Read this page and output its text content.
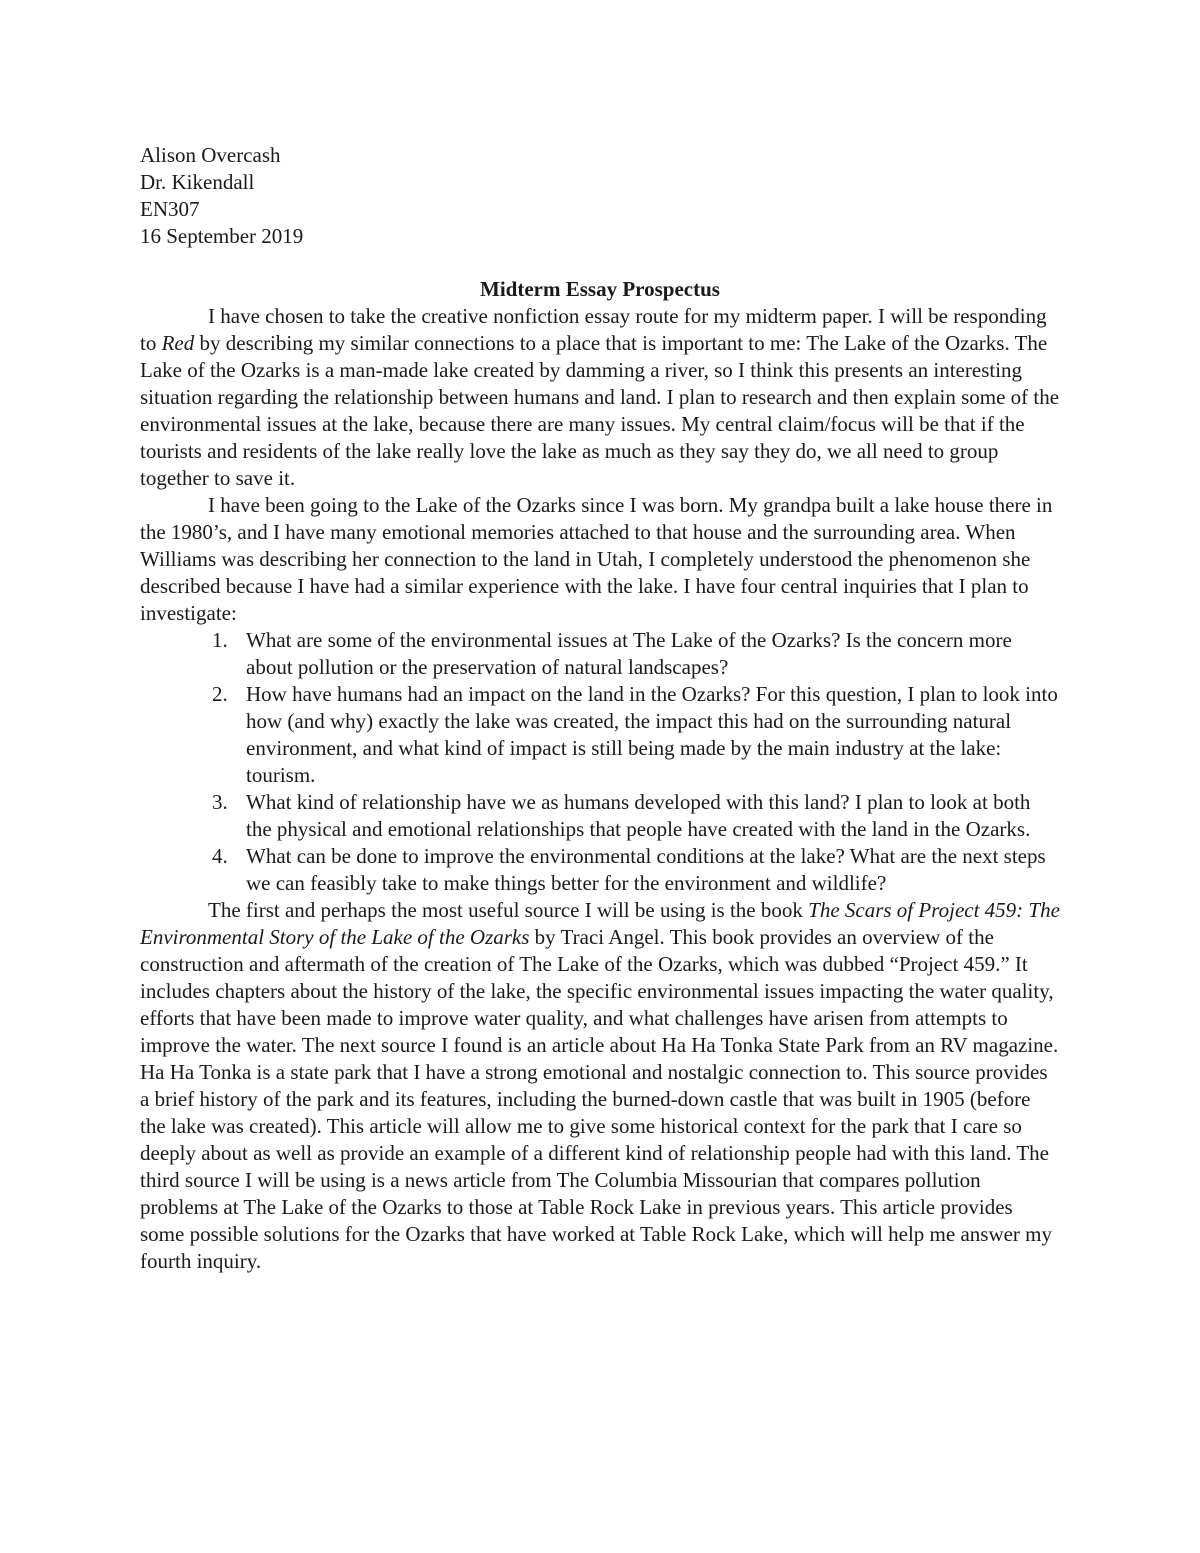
Alison Overcash

Dr. Kikendall

EN307

16 September 2019

Midterm Essay Prospectus

I have chosen to take the creative nonfiction essay route for my midterm paper. I will be responding to Red by describing my similar connections to a place that is important to me: The Lake of the Ozarks. The Lake of the Ozarks is a man-made lake created by damming a river, so I think this presents an interesting situation regarding the relationship between humans and land. I plan to research and then explain some of the environmental issues at the lake, because there are many issues. My central claim/focus will be that if the tourists and residents of the lake really love the lake as much as they say they do, we all need to group together to save it.

I have been going to the Lake of the Ozarks since I was born. My grandpa built a lake house there in the 1980’s, and I have many emotional memories attached to that house and the surrounding area. When Williams was describing her connection to the land in Utah, I completely understood the phenomenon she described because I have had a similar experience with the lake. I have four central inquiries that I plan to investigate:

1. What are some of the environmental issues at The Lake of the Ozarks? Is the concern more about pollution or the preservation of natural landscapes?
2. How have humans had an impact on the land in the Ozarks? For this question, I plan to look into how (and why) exactly the lake was created, the impact this had on the surrounding natural environment, and what kind of impact is still being made by the main industry at the lake: tourism.
3. What kind of relationship have we as humans developed with this land? I plan to look at both the physical and emotional relationships that people have created with the land in the Ozarks.
4. What can be done to improve the environmental conditions at the lake? What are the next steps we can feasibly take to make things better for the environment and wildlife?

The first and perhaps the most useful source I will be using is the book The Scars of Project 459: The Environmental Story of the Lake of the Ozarks by Traci Angel. This book provides an overview of the construction and aftermath of the creation of The Lake of the Ozarks, which was dubbed “Project 459.” It includes chapters about the history of the lake, the specific environmental issues impacting the water quality, efforts that have been made to improve water quality, and what challenges have arisen from attempts to improve the water. The next source I found is an article about Ha Ha Tonka State Park from an RV magazine. Ha Ha Tonka is a state park that I have a strong emotional and nostalgic connection to. This source provides a brief history of the park and its features, including the burned-down castle that was built in 1905 (before the lake was created). This article will allow me to give some historical context for the park that I care so deeply about as well as provide an example of a different kind of relationship people had with this land. The third source I will be using is a news article from The Columbia Missourian that compares pollution problems at The Lake of the Ozarks to those at Table Rock Lake in previous years. This article provides some possible solutions for the Ozarks that have worked at Table Rock Lake, which will help me answer my fourth inquiry.
